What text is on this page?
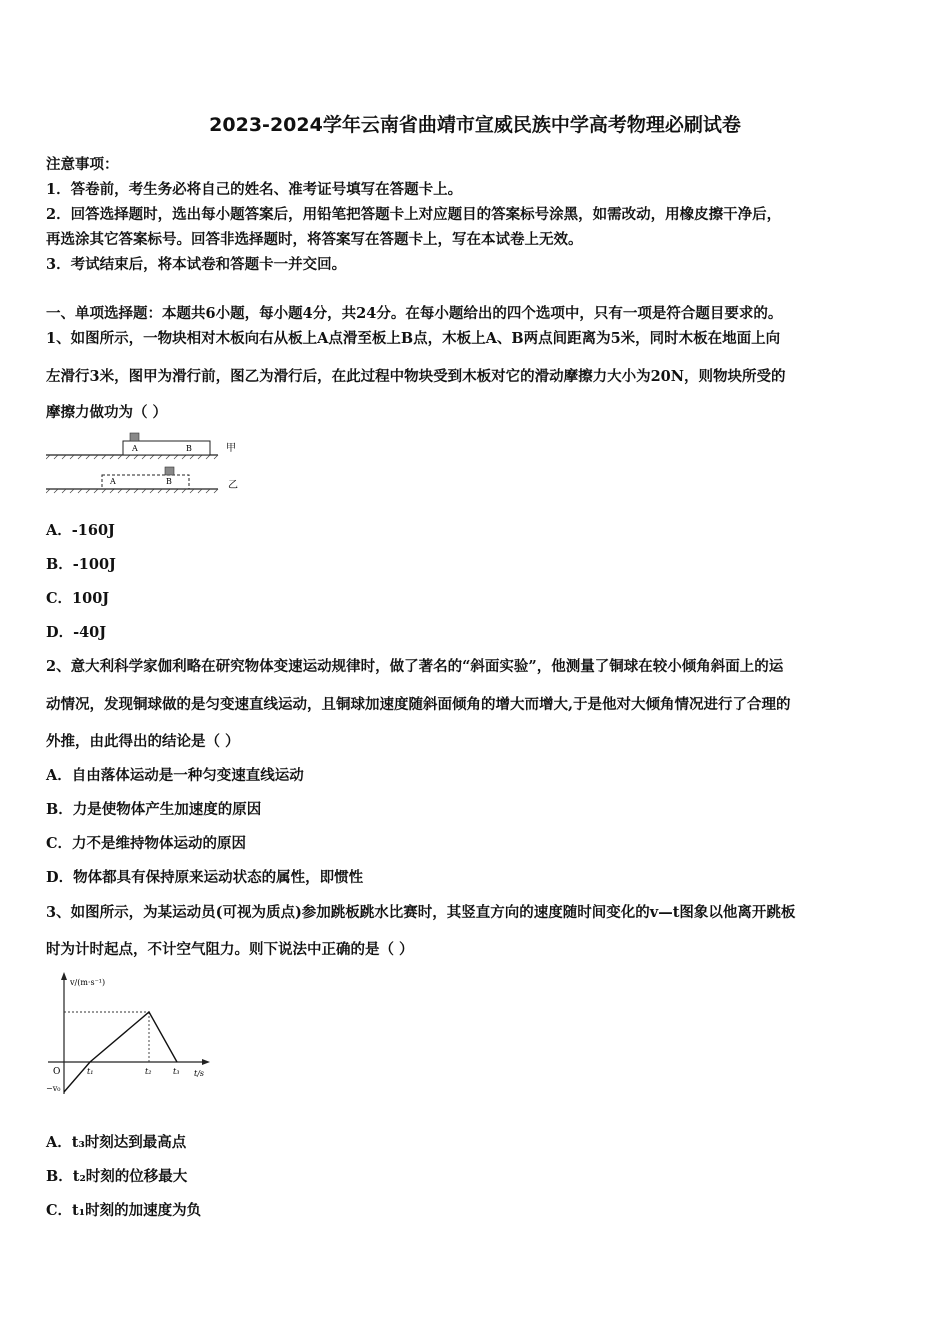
2023-2024学年云南省曲靖市宣威民族中学高考物理必刷试卷
注意事项：
1．答卷前，考生务必将自己的姓名、准考证号填写在答题卡上。
2．回答选择题时，选出每小题答案后，用铅笔把答题卡上对应题目的答案标号涂黑，如需改动，用橡皮擦干净后，
再选涂其它答案标号。回答非选择题时，将答案写在答题卡上，写在本试卷上无效。
3．考试结束后，将本试卷和答题卡一并交回。
一、单项选择题：本题共6小题，每小题4分，共24分。在每小题给出的四个选项中，只有一项是符合题目要求的。
1、如图所示，一物块相对木板向右从板上A点滑至板上B点，木板上A、B两点间距离为5米，同时木板在地面上向
左滑行3米，图甲为滑行前，图乙为滑行后，在此过程中物块受到木板对它的滑动摩擦力大小为20N，则物块所受的
摩擦力做功为（ ）
A	B	甲
A	B	乙
A．-160J
B．-100J
C．100J
D．-40J
2、意大利科学家伽利略在研究物体变速运动规律时，做了著名的“斜面实验”，他测量了铜球在较小倾角斜面上的运
动情况，发现铜球做的是匀变速直线运动，且铜球加速度随斜面倾角的增大而增大,于是他对大倾角情况进行了合理的
外推，由此得出的结论是（ ）
A．自由落体运动是一种匀变速直线运动
B．力是使物体产生加速度的原因
C．力不是维持物体运动的原因
D．物体都具有保持原来运动状态的属性，即惯性
3、如图所示，为某运动员(可视为质点)参加跳板跳水比赛时，其竖直方向的速度随时间变化的v—t图象以他离开跳板
时为计时起点，不计空气阻力。则下说法中正确的是（ ）
v/(m·s⁻¹)
t/s
O
−v₀
t₁	t₂	t₃
A．t₃时刻达到最高点
B．t₂时刻的位移最大
C．t₁时刻的加速度为负
